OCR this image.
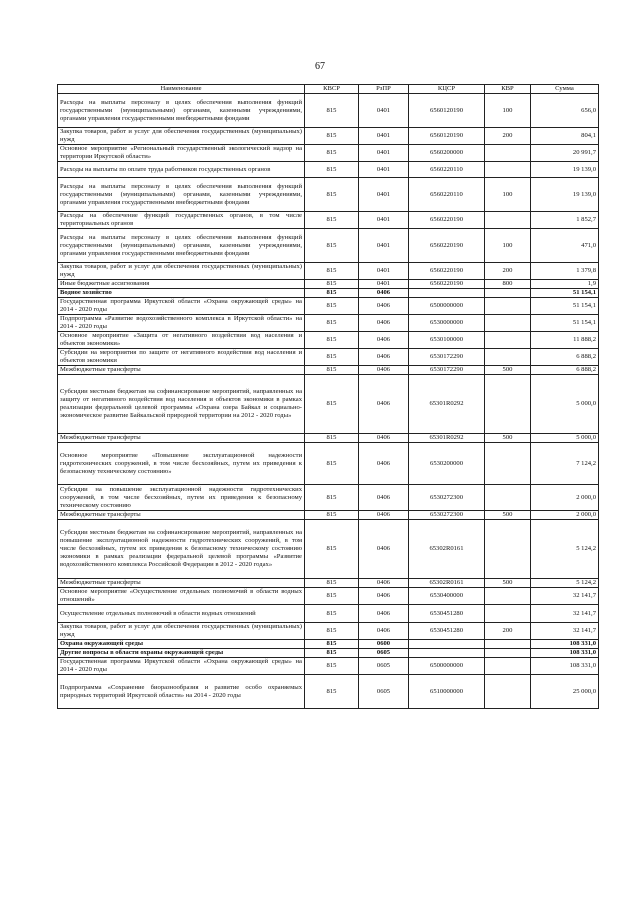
67
Наименование	КВСР	РзПР	КЦСР	КВР	Сумма
Расходы на выплаты персоналу в целях обеспечения выполнения функций государственными (муниципальными) органами, казенными учреждениями, органами управления государственными внебюджетными фондами	815	0401	6560120190	100	656,0
Закупка товаров, работ и услуг для обеспечения государственных (муниципальных) нужд	815	0401	6560120190	200	804,1
Основное мероприятие «Региональный государственный экологический надзор на территории Иркутской области»	815	0401	6560200000		20 991,7
Расходы на выплаты по оплате труда работников государственных органов	815	0401	6560220110		19 139,0
Расходы на выплаты персоналу в целях обеспечения выполнения функций государственными (муниципальными) органами, казенными учреждениями, органами управления государственными внебюджетными фондами	815	0401	6560220110	100	19 139,0
Расходы на обеспечение функций государственных органов, в том числе территориальных органов	815	0401	6560220190		1 852,7
Расходы на выплаты персоналу в целях обеспечения выполнения функций государственными (муниципальными) органами, казенными учреждениями, органами управления государственными внебюджетными фондами	815	0401	6560220190	100	471,0
Закупка товаров, работ и услуг для обеспечения государственных (муниципальных) нужд	815	0401	6560220190	200	1 379,8
Иные бюджетные ассигнования	815	0401	6560220190	800	1,9
Водное хозяйство	815	0406			51 154,1
Государственная программа Иркутской области «Охрана окружающей среды» на 2014 - 2020 годы	815	0406	6500000000		51 154,1
Подпрограмма «Развитие водохозяйственного комплекса в Иркутской области» на 2014 - 2020 годы	815	0406	6530000000		51 154,1
Основное мероприятие «Защита от негативного воздействия вод населения и объектов экономики»	815	0406	6530100000		11 888,2
Субсидии на мероприятия по защите от негативного воздействия вод населения и объектов экономики	815	0406	6530172290		6 888,2
Межбюджетные трансферты	815	0406	6530172290	500	6 888,2
Субсидии местным бюджетам на софинансирование мероприятий, направленных на защиту от негативного воздействия вод населения и объектов экономики в рамках реализации федеральной целевой программы «Охрана озера Байкал и социально-экономическое развитие Байкальской природной территории на 2012 - 2020 годы»	815	0406	65301R0292		5 000,0
Межбюджетные трансферты	815	0406	65301R0292	500	5 000,0
Основное мероприятие «Повышение эксплуатационной надежности гидротехнических сооружений, в том числе бесхозяйных, путем их приведения к безопасному техническому состоянию»	815	0406	6530200000		7 124,2
Субсидии на повышение эксплуатационной надежности гидротехнических сооружений, в том числе бесхозяйных, путем их приведения к безопасному техническому состоянию	815	0406	6530272300		2 000,0
Межбюджетные трансферты	815	0406	6530272300	500	2 000,0
Субсидии местным бюджетам на софинансирование мероприятий, направленных на повышение эксплуатационной надежности гидротехнических сооружений, в том числе бесхозяйных, путем их приведения к безопасному техническому состоянию экономики в рамках реализации федеральной целевой программы «Развитие водохозяйственного комплекса Российской Федерации в 2012 - 2020 годах»	815	0406	65302R0161		5 124,2
Межбюджетные трансферты	815	0406	65302R0161	500	5 124,2
Основное мероприятие «Осуществление отдельных полномочий в области водных отношений»	815	0406	6530400000		32 141,7
Осуществление отдельных полномочий в области водных отношений	815	0406	6530451280		32 141,7
Закупка товаров, работ и услуг для обеспечения государственных (муниципальных) нужд	815	0406	6530451280	200	32 141,7
Охрана окружающей среды	815	0600			108 331,0
Другие вопросы в области охраны окружающей среды	815	0605			108 331,0
Государственная программа Иркутской области «Охрана окружающей среды» на 2014 - 2020 годы	815	0605	6500000000		108 331,0
Подпрограмма «Сохранение биоразнообразия и развитие особо охраняемых природных территорий Иркутской области» на 2014 - 2020 годы	815	0605	6510000000		25 000,0
